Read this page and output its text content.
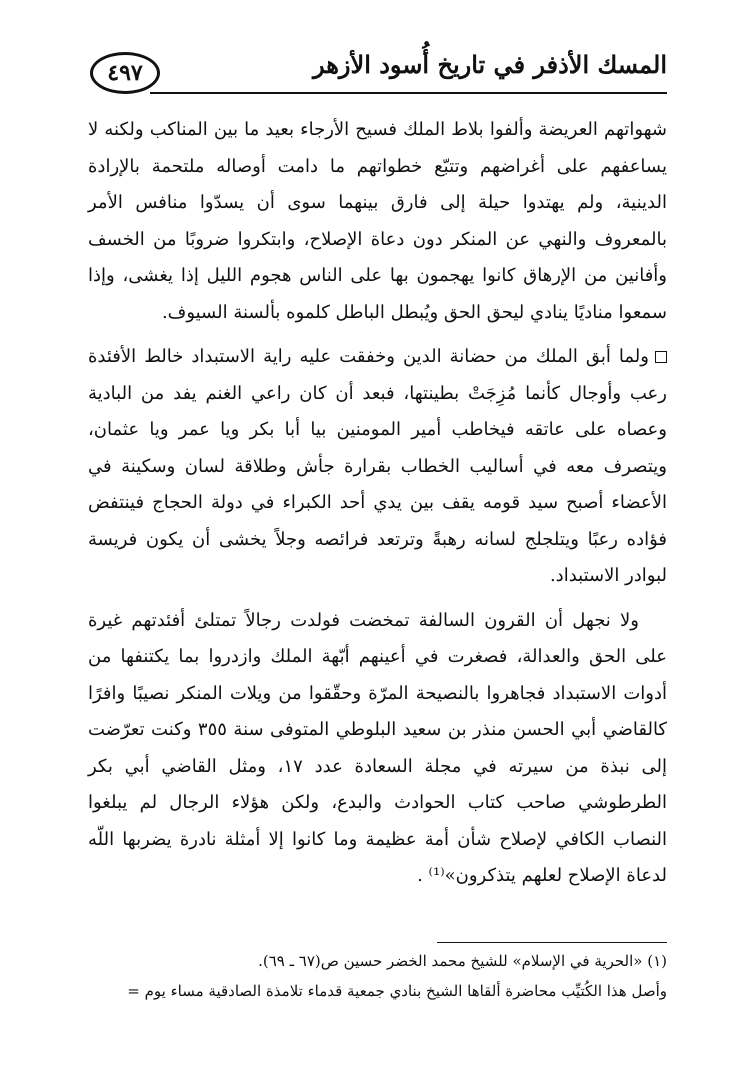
المسك الأذفر في تاريخ أُسود الأزهر
٤٩٧

شهواتهم العريضة وألفوا بلاط الملك فسيح الأرجاء بعيد ما بين المناكب ولكنه لا يساعفهم على أغراضهم وتتبّع خطواتهم ما دامت أوصاله ملتحمة بالإرادة الدينية، ولم يهتدوا حيلة إلى فارق بينهما سوى أن يسدّوا منافس الأمر بالمعروف والنهي عن المنكر دون دعاة الإصلاح، وابتكروا ضروبًا من الخسف وأفانين من الإرهاق كانوا يهجمون بها على الناس هجوم الليل إذا يغشى، وإذا سمعوا مناديًا ينادي ليحق الحق ويُبطل الباطل كلموه بألسنة السيوف.

ولما أبق الملك من حضانة الدين وخفقت عليه راية الاستبداد خالط الأفئدة رعب وأوجال كأنما مُزِجَتْ بطينتها، فبعد أن كان راعي الغنم يفد من البادية وعصاه على عاتقه فيخاطب أمير المومنين بيا أبا بكر ويا عمر ويا عثمان، ويتصرف معه في أساليب الخطاب بقرارة جأش وطلاقة لسان وسكينة في الأعضاء أصبح سيد قومه يقف بين يدي أحد الكبراء في دولة الحجاج فينتفض فؤاده رعبًا ويتلجلج لسانه رهبةً وترتعد فرائصه وجلاً يخشى أن يكون فريسة لبوادر الاستبداد.

ولا نجهل أن القرون السالفة تمخضت فولدت رجالاً تمتلئ أفئدتهم غيرة على الحق والعدالة، فصغرت في أعينهم أبّهة الملك وازدروا بما يكتنفها من أدوات الاستبداد فجاهروا بالنصيحة المرّة وحقّقوا من ويلات المنكر نصيبًا وافرًا كالقاضي أبي الحسن منذر بن سعيد البلوطي المتوفى سنة ٣٥٥ وكنت تعرّضت إلى نبذة من سيرته في مجلة السعادة عدد ١٧، ومثل القاضي أبي بكر الطرطوشي صاحب كتاب الحوادث والبدع، ولكن هؤلاء الرجال لم يبلغوا النصاب الكافي لإصلاح شأن أمة عظيمة وما كانوا إلا أمثلة نادرة يضربها اللّه لدعاة الإصلاح لعلهم يتذكرون»⁽¹⁾ .

(١) «الحرية في الإسلام» للشيخ محمد الخضر حسين ص(٦٧ ـ ٦٩).
وأصل هذا الكُتيِّب محاضرة ألقاها الشيخ بنادي جمعية قدماء تلامذة الصادقية مساء يوم =
